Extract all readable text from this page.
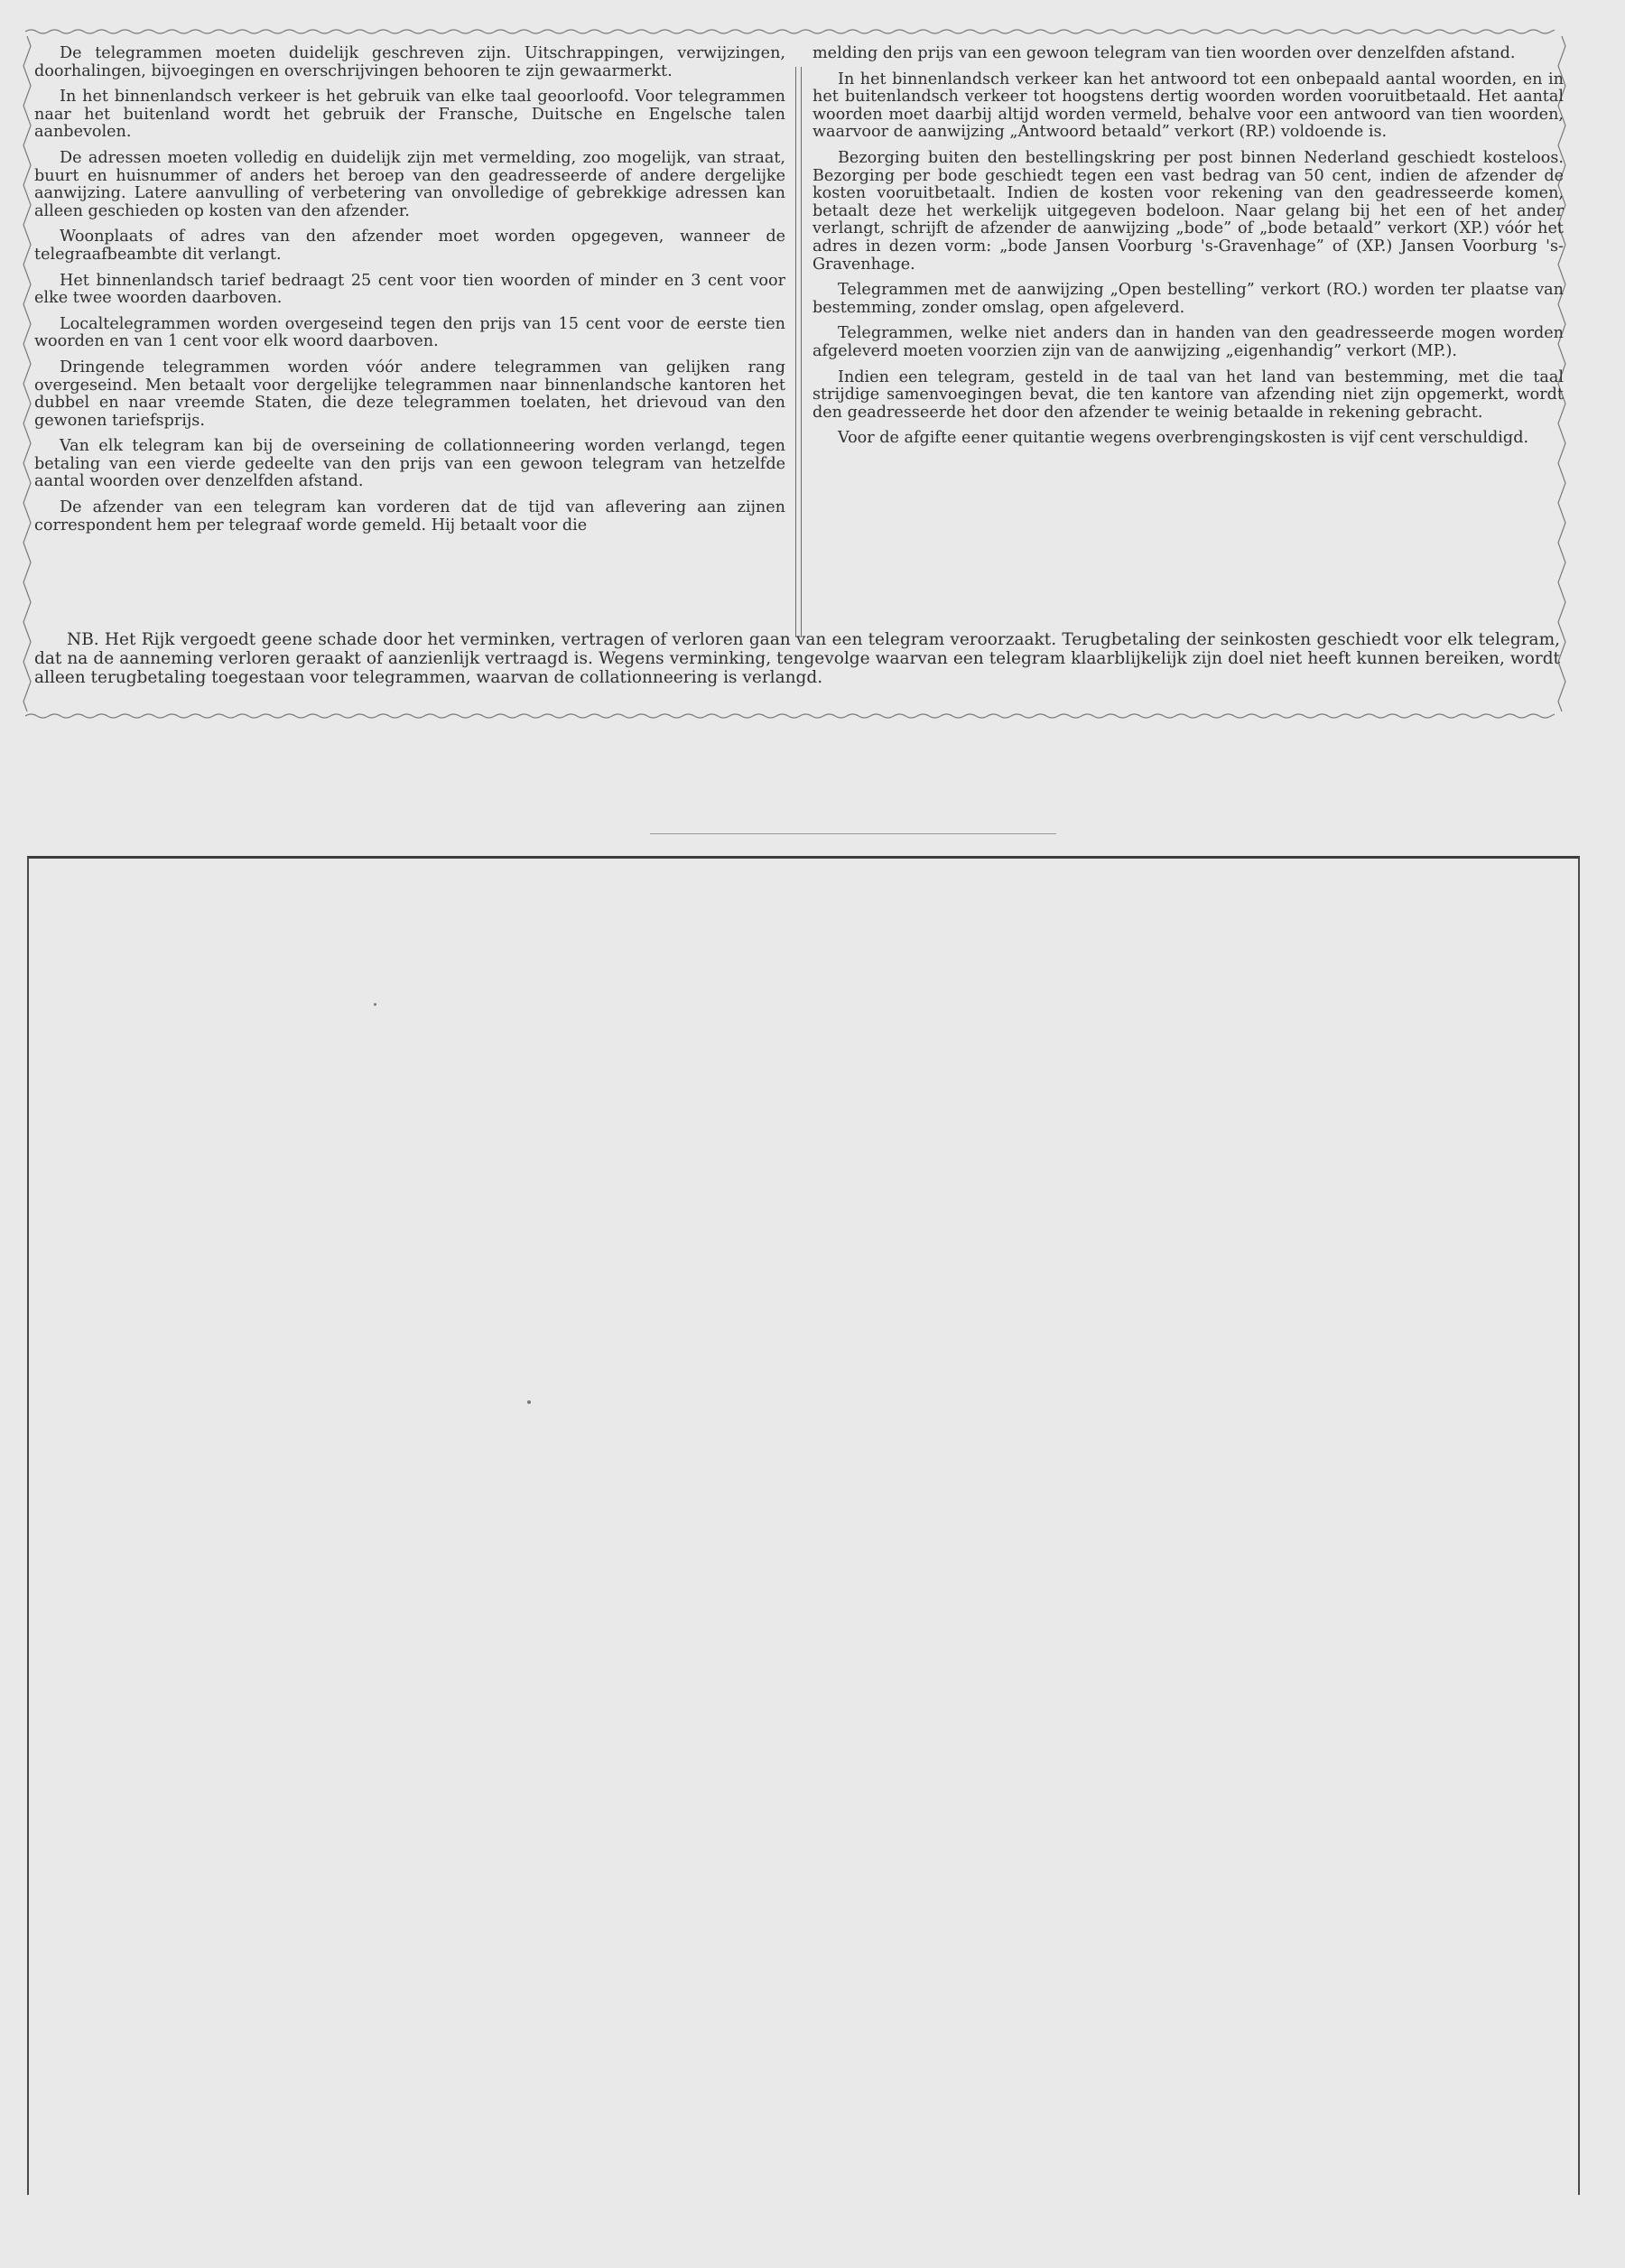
De telegrammen moeten duidelijk geschreven zijn. Uitschrappingen, verwijzingen, doorhalingen, bijvoegingen en overschrijvingen behooren te zijn gewaarmerkt.

In het binnenlandsch verkeer is het gebruik van elke taal geoorloofd. Voor telegrammen naar het buitenland wordt het gebruik der Fransche, Duitsche en Engelsche talen aanbevolen.

De adressen moeten volledig en duidelijk zijn met vermelding, zoo mogelijk, van straat, buurt en huisnummer of anders het beroep van den geadresseerde of andere dergelijke aanwijzing. Latere aanvulling of verbetering van onvolledige of gebrekkige adressen kan alleen geschieden op kosten van den afzender.

Woonplaats of adres van den afzender moet worden opgegeven, wanneer de telegraafbeambte dit verlangt.

Het binnenlandsch tarief bedraagt 25 cent voor tien woorden of minder en 3 cent voor elke twee woorden daarboven.

Localtelegrammen worden overgeseind tegen den prijs van 15 cent voor de eerste tien woorden en van 1 cent voor elk woord daarboven.

Dringende telegrammen worden vóór andere telegrammen van gelijken rang overgeseind. Men betaalt voor dergelijke telegrammen naar binnenlandsche kantoren het dubbel en naar vreemde Staten, die deze telegrammen toelaten, het drievoud van den gewonen tariefsprijs.

Van elk telegram kan bij de overseining de collationneering worden verlangd, tegen betaling van een vierde gedeelte van den prijs van een gewoon telegram van hetzelfde aantal woorden over denzelfden afstand.

De afzender van een telegram kan vorderen dat de tijd van aflevering aan zijnen correspondent hem per telegraaf worde gemeld. Hij betaalt voor die

melding den prijs van een gewoon telegram van tien woorden over denzelfden afstand.

In het binnenlandsch verkeer kan het antwoord tot een onbepaald aantal woorden, en in het buitenlandsch verkeer tot hoogstens dertig woorden worden vooruitbetaald. Het aantal woorden moet daarbij altijd worden vermeld, behalve voor een antwoord van tien woorden, waarvoor de aanwijzing „Antwoord betaald” verkort (RP.) voldoende is.

Bezorging buiten den bestellingskring per post binnen Nederland geschiedt kosteloos. Bezorging per bode geschiedt tegen een vast bedrag van 50 cent, indien de afzender de kosten vooruitbetaalt. Indien de kosten voor rekening van den geadresseerde komen, betaalt deze het werkelijk uitgegeven bodeloon. Naar gelang bij het een of het ander verlangt, schrijft de afzender de aanwijzing „bode” of „bode betaald” verkort (XP.) vóór het adres in dezen vorm: „bode Jansen Voorburg 's-Gravenhage” of (XP.) Jansen Voorburg 's-Gravenhage.

Telegrammen met de aanwijzing „Open bestelling” verkort (RO.) worden ter plaatse van bestemming, zonder omslag, open afgeleverd.

Telegrammen, welke niet anders dan in handen van den geadresseerde mogen worden afgeleverd moeten voorzien zijn van de aanwijzing „eigenhandig” verkort (MP.).

Indien een telegram, gesteld in de taal van het land van bestemming, met die taal strijdige samenvoegingen bevat, die ten kantore van afzending niet zijn opgemerkt, wordt den geadresseerde het door den afzender te weinig betaalde in rekening gebracht.

Voor de afgifte eener quitantie wegens overbrengingskosten is vijf cent verschuldigd.

NB. Het Rijk vergoedt geene schade door het verminken, vertragen of verloren gaan van een telegram veroorzaakt. Terugbetaling der seinkosten geschiedt voor elk telegram, dat na de aanneming verloren geraakt of aanzienlijk vertraagd is. Wegens verminking, tengevolge waarvan een telegram klaarblijkelijk zijn doel niet heeft kunnen bereiken, wordt alleen terugbetaling toegestaan voor telegrammen, waarvan de collationneering is verlangd.
